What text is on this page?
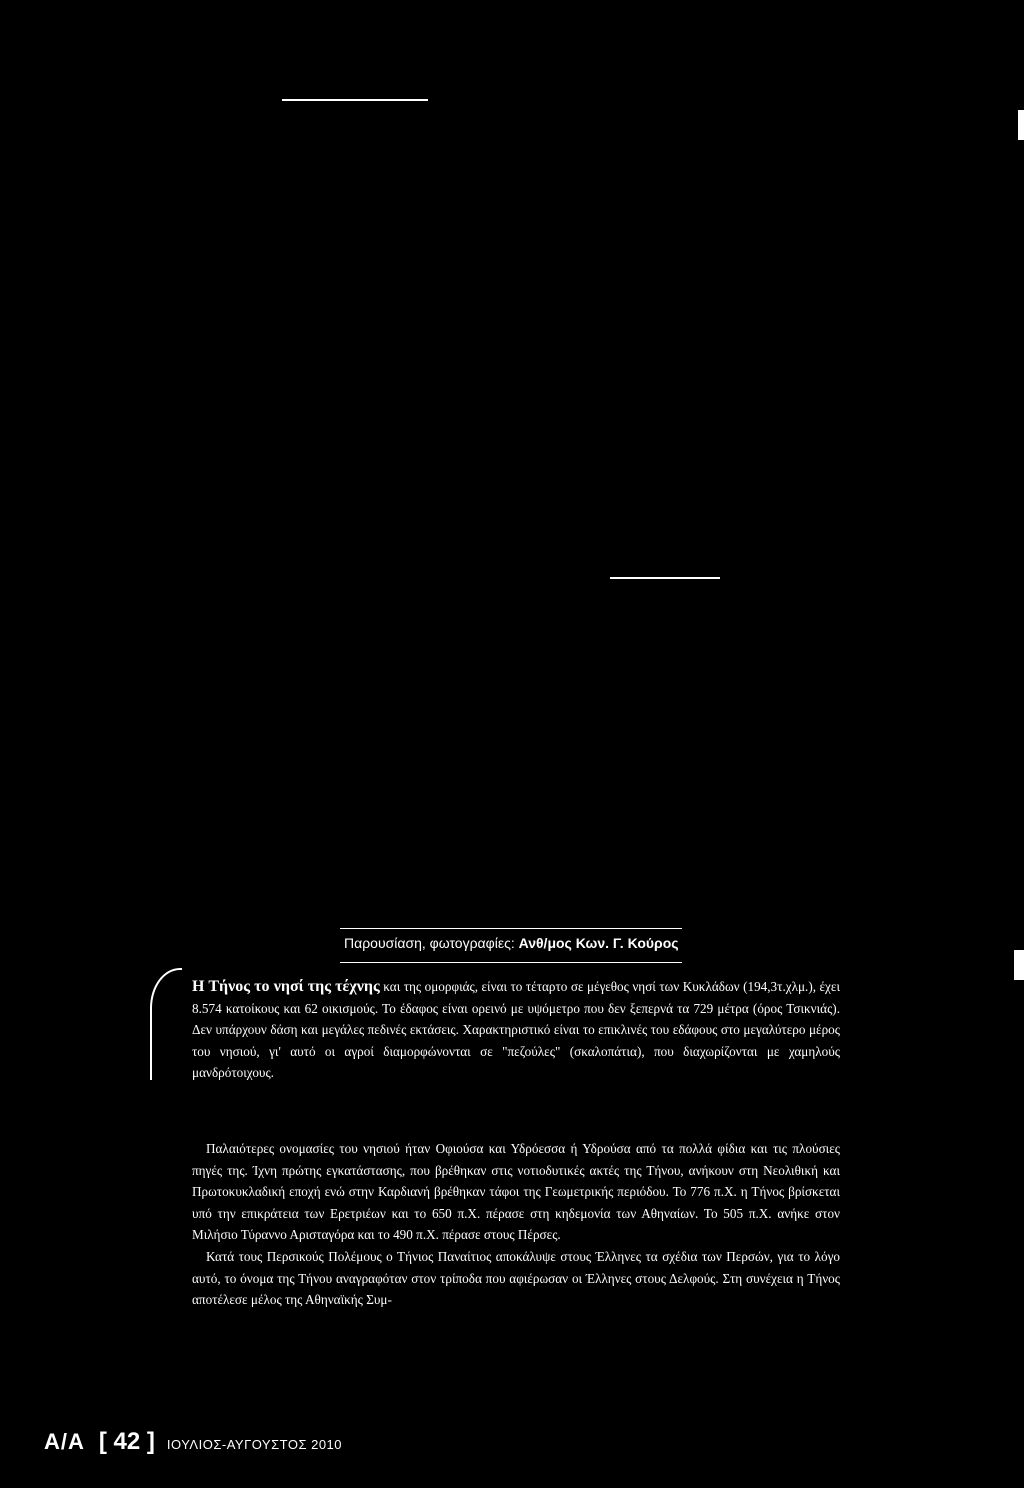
Παρουσίαση, φωτογραφίες: Ανθ/μος Κων. Γ. Κούρος

Η Τήνος το νησί της τέχνης και της ομορφιάς, είναι το τέταρτο σε μέγεθος νησί των Κυκλάδων (194,3τ.χλμ.), έχει 8.574 κατοίκους και 62 οικισμούς. Το έδαφος είναι ορεινό με υψόμετρο που δεν ξεπερνά τα 729 μέτρα (όρος Τσικνιάς). Δεν υπάρχουν δάση και μεγάλες πεδινές εκτάσεις. Χαρακτηριστικό είναι το επικλινές του εδάφους στο μεγαλύτερο μέρος του νησιού, γι' αυτό οι αγροί διαμορφώνονται σε "πεζούλες" (σκαλοπάτια), που διαχωρίζονται με χαμηλούς μανδρότοιχους.

Παλαιότερες ονομασίες του νησιού ήταν Οφιούσα και Υδρόεσσα ή Υδρούσα από τα πολλά φίδια και τις πλούσιες πηγές της. Ίχνη πρώτης εγκατάστασης, που βρέθηκαν στις νοτιοδυτικές ακτές της Τήνου, ανήκουν στη Νεολιθική και Πρωτοκυκλαδική εποχή ενώ στην Καρδιανή βρέθηκαν τάφοι της Γεωμετρικής περιόδου. Το 776 π.Χ. η Τήνος βρίσκεται υπό την επικράτεια των Ερετριέων και το 650 π.Χ. πέρασε στη κηδεμονία των Αθηναίων. Το 505 π.Χ. ανήκε στον Μιλήσιο Τύραννο Αρισταγόρα και το 490 π.Χ. πέρασε στους Πέρσες.

Κατά τους Περσικούς Πολέμους ο Τήνιος Παναίτιος αποκάλυψε στους Έλληνες τα σχέδια των Περσών, για το λόγο αυτό, το όνομα της Τήνου αναγραφόταν στον τρίποδα που αφιέρωσαν οι Έλληνες στους Δελφούς. Στη συνέχεια η Τήνος αποτέλεσε μέλος της Αθηναϊκής Συμ-

Α/Α [ 42 ] ΙΟΥΛΙΟΣ-ΑΥΓΟΥΣΤΟΣ 2010
